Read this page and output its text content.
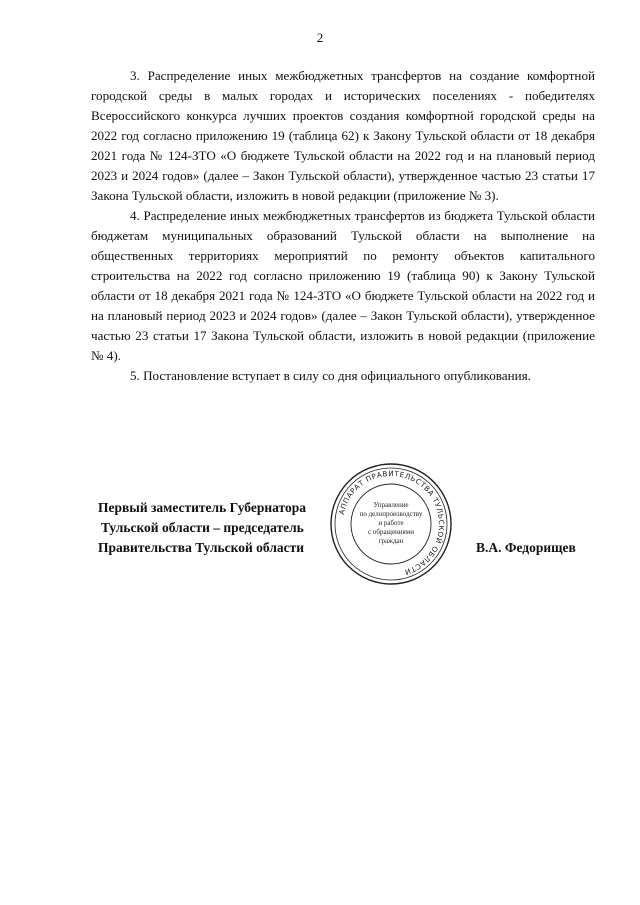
2

3. Распределение иных межбюджетных трансфертов на создание комфортной городской среды в малых городах и исторических поселениях - победителях Всероссийского конкурса лучших проектов создания комфортной городской среды на 2022 год согласно приложению 19 (таблица 62) к Закону Тульской области от 18 декабря 2021 года № 124-ЗТО «О бюджете Тульской области на 2022 год и на плановый период 2023 и 2024 годов» (далее – Закон Тульской области), утвержденное частью 23 статьи 17 Закона Тульской области, изложить в новой редакции (приложение № 3).

4. Распределение иных межбюджетных трансфертов из бюджета Тульской области бюджетам муниципальных образований Тульской области на выполнение на общественных территориях мероприятий по ремонту объектов капитального строительства на 2022 год согласно приложению 19 (таблица 90) к Закону Тульской области от 18 декабря 2021 года № 124-ЗТО «О бюджете Тульской области на 2022 год и на плановый период 2023 и 2024 годов» (далее – Закон Тульской области), утвержденное частью 23 статьи 17 Закона Тульской области, изложить в новой редакции (приложение № 4).

5. Постановление вступает в силу со дня официального опубликования.

Первый заместитель Губернатора
Тульской области – председатель
Правительства Тульской области	В.А. Федорищев
АППАРАТ ПРАВИТЕЛЬСТВА ТУЛЬСКОЙ ОБЛАСТИ
Управление
по делопроизводству
и работе
с обращениями
граждан
